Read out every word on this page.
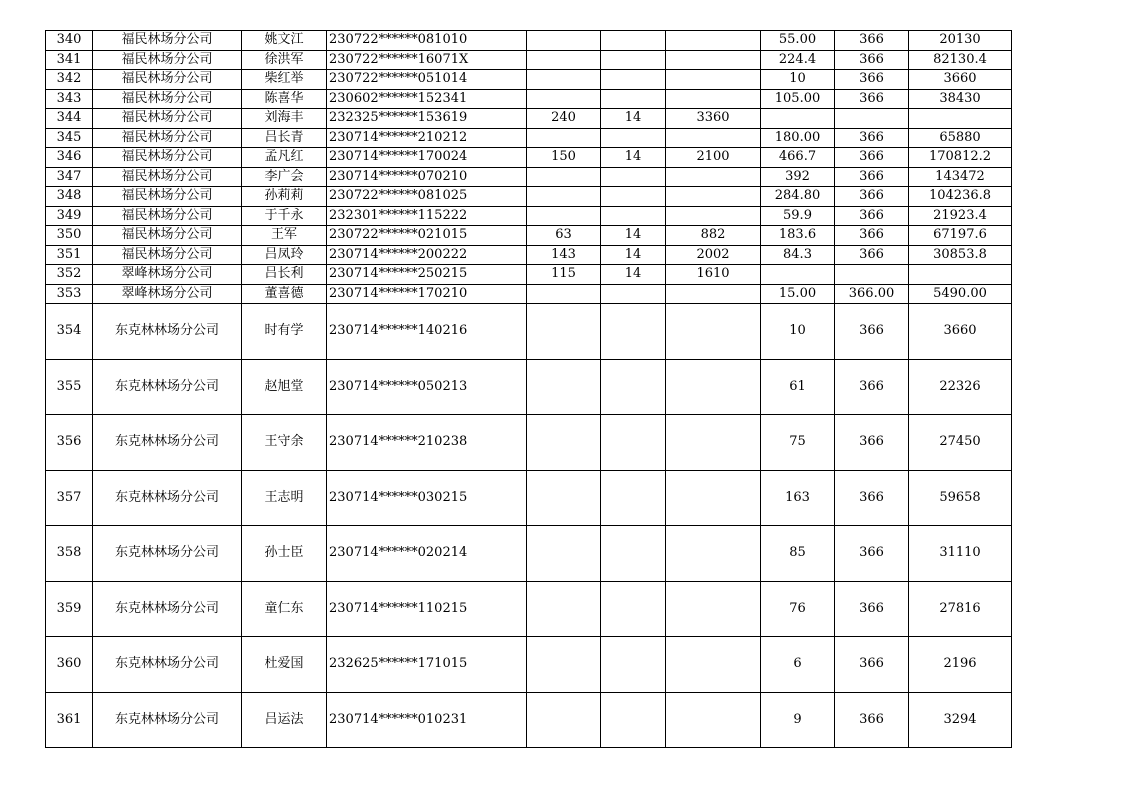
340	福民林场分公司	姚文江	230722******081010				55.00	366	20130
341	福民林场分公司	徐洪军	230722******16071X				224.4	366	82130.4
342	福民林场分公司	柴红举	230722******051014				10	366	3660
343	福民林场分公司	陈喜华	230602******152341				105.00	366	38430
344	福民林场分公司	刘海丰	232325******153619	240	14	3360			
345	福民林场分公司	吕长青	230714******210212				180.00	366	65880
346	福民林场分公司	孟凡红	230714******170024	150	14	2100	466.7	366	170812.2
347	福民林场分公司	李广会	230714******070210				392	366	143472
348	福民林场分公司	孙莉莉	230722******081025				284.80	366	104236.8
349	福民林场分公司	于千永	232301******115222				59.9	366	21923.4
350	福民林场分公司	王军	230722******021015	63	14	882	183.6	366	67197.6
351	福民林场分公司	吕凤玲	230714******200222	143	14	2002	84.3	366	30853.8
352	翠峰林场分公司	吕长利	230714******250215	115	14	1610			
353	翠峰林场分公司	董喜德	230714******170210				15.00	366.00	5490.00
354	东克林林场分公司	时有学	230714******140216				10	366	3660
355	东克林林场分公司	赵旭堂	230714******050213				61	366	22326
356	东克林林场分公司	王守余	230714******210238				75	366	27450
357	东克林林场分公司	王志明	230714******030215				163	366	59658
358	东克林林场分公司	孙士臣	230714******020214				85	366	31110
359	东克林林场分公司	童仁东	230714******110215				76	366	27816
360	东克林林场分公司	杜爱国	232625******171015				6	366	2196
361	东克林林场分公司	吕运法	230714******010231				9	366	3294
